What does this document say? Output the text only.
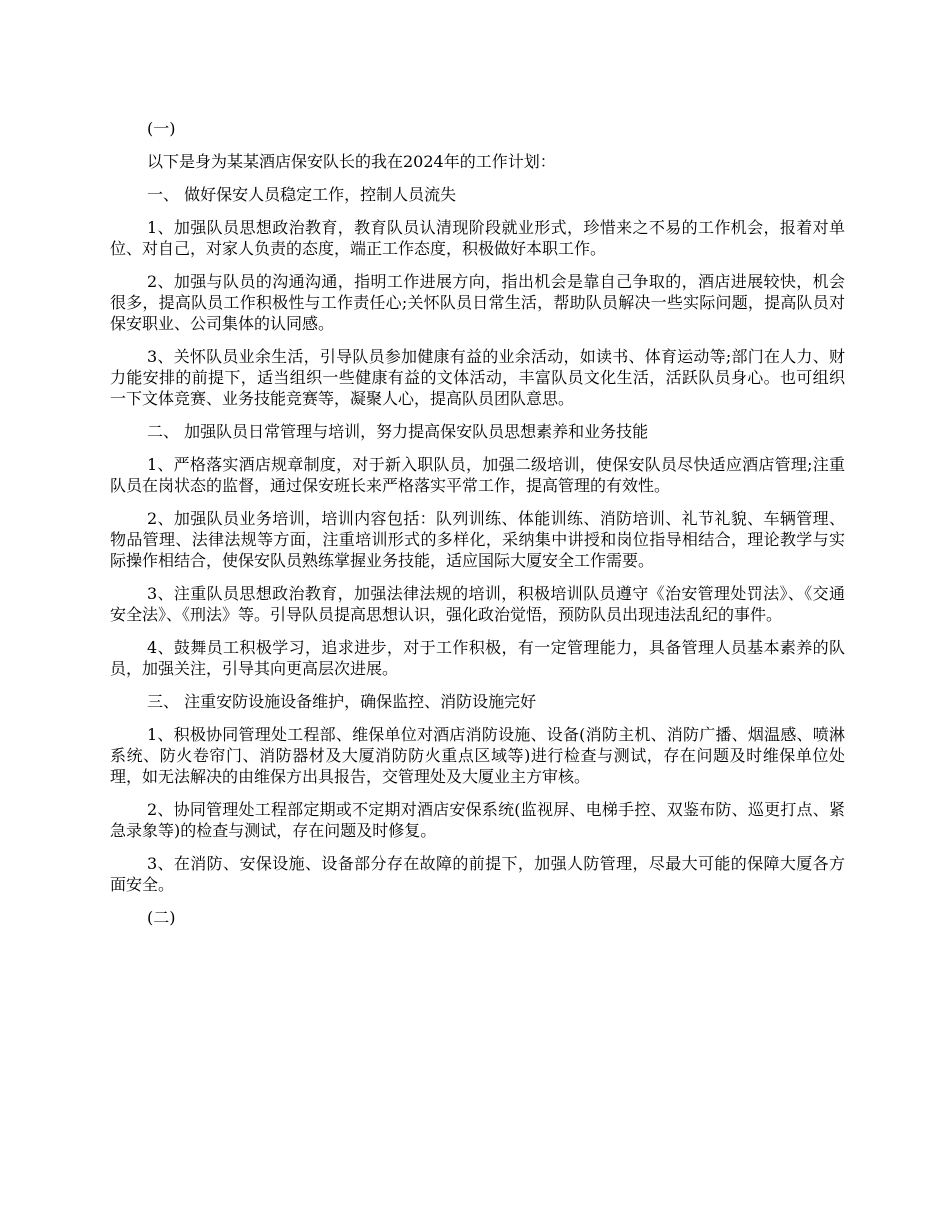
(一)

以下是身为某某酒店保安队长的我在2024年的工作计划：

一、 做好保安人员稳定工作，控制人员流失

1、加强队员思想政治教育，教育队员认清现阶段就业形式，珍惜来之不易的工作机会，报着对单位、对自己，对家人负责的态度，端正工作态度，积极做好本职工作。

2、加强与队员的沟通沟通，指明工作进展方向，指出机会是靠自己争取的，酒店进展较快，机会很多，提高队员工作积极性与工作责任心;关怀队员日常生活，帮助队员解决一些实际问题，提高队员对保安职业、公司集体的认同感。

3、关怀队员业余生活，引导队员参加健康有益的业余活动，如读书、体育运动等;部门在人力、财力能安排的前提下，适当组织一些健康有益的文体活动，丰富队员文化生活，活跃队员身心。也可组织一下文体竞赛、业务技能竞赛等，凝聚人心，提高队员团队意思。

二、 加强队员日常管理与培训，努力提高保安队员思想素养和业务技能

1、严格落实酒店规章制度，对于新入职队员，加强二级培训，使保安队员尽快适应酒店管理;注重队员在岗状态的监督，通过保安班长来严格落实平常工作，提高管理的有效性。

2、加强队员业务培训，培训内容包括：队列训练、体能训练、消防培训、礼节礼貌、车辆管理、物品管理、法律法规等方面，注重培训形式的多样化，采纳集中讲授和岗位指导相结合，理论教学与实际操作相结合，使保安队员熟练掌握业务技能，适应国际大厦安全工作需要。

3、注重队员思想政治教育，加强法律法规的培训，积极培训队员遵守《治安管理处罚法》、《交通安全法》、《刑法》等。引导队员提高思想认识，强化政治觉悟，预防队员出现违法乱纪的事件。

4、鼓舞员工积极学习，追求进步，对于工作积极，有一定管理能力，具备管理人员基本素养的队员，加强关注，引导其向更高层次进展。

三、 注重安防设施设备维护，确保监控、消防设施完好

1、积极协同管理处工程部、维保单位对酒店消防设施、设备(消防主机、消防广播、烟温感、喷淋系统、防火卷帘门、消防器材及大厦消防防火重点区域等)进行检查与测试，存在问题及时维保单位处理，如无法解决的由维保方出具报告，交管理处及大厦业主方审核。

2、协同管理处工程部定期或不定期对酒店安保系统(监视屏、电梯手控、双鉴布防、巡更打点、紧急录象等)的检查与测试，存在问题及时修复。

3、在消防、安保设施、设备部分存在故障的前提下，加强人防管理，尽最大可能的保障大厦各方面安全。

(二)
